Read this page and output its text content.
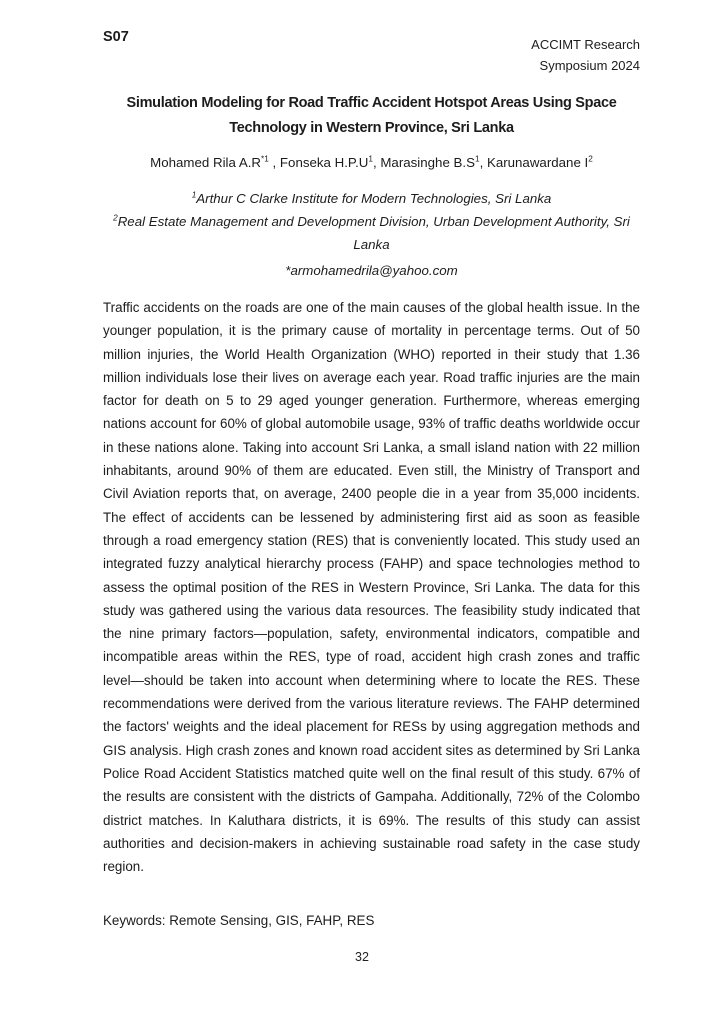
S07	ACCIMT Research
Symposium 2024
Simulation Modeling for Road Traffic Accident Hotspot Areas Using Space Technology in Western Province, Sri Lanka

Mohamed Rila $A.R^{*1}$ , Fonseka $H.P.U^1$, Marasinghe $B.S^1$, Karunawardane $I^2$

$^1$Arthur C Clarke Institute for Modern Technologies, Sri Lanka
$^2$Real Estate Management and Development Division, Urban Development Authority, Sri Lanka

*armohamedrila@yahoo.com

Traffic accidents on the roads are one of the main causes of the global health issue. In the younger population, it is the primary cause of mortality in percentage terms. Out of 50 million injuries, the World Health Organization (WHO) reported in their study that 1.36 million individuals lose their lives on average each year. Road traffic injuries are the main factor for death on 5 to 29 aged younger generation. Furthermore, whereas emerging nations account for 60% of global automobile usage, 93% of traffic deaths worldwide occur in these nations alone. Taking into account Sri Lanka, a small island nation with 22 million inhabitants, around 90% of them are educated. Even still, the Ministry of Transport and Civil Aviation reports that, on average, 2400 people die in a year from 35,000 incidents. The effect of accidents can be lessened by administering first aid as soon as feasible through a road emergency station (RES) that is conveniently located. This study used an integrated fuzzy analytical hierarchy process (FAHP) and space technologies method to assess the optimal position of the RES in Western Province, Sri Lanka. The data for this study was gathered using the various data resources. The feasibility study indicated that the nine primary factors—population, safety, environmental indicators, compatible and incompatible areas within the RES, type of road, accident high crash zones and traffic level—should be taken into account when determining where to locate the RES. These recommendations were derived from the various literature reviews. The FAHP determined the factors' weights and the ideal placement for RESs by using aggregation methods and GIS analysis. High crash zones and known road accident sites as determined by Sri Lanka Police Road Accident Statistics matched quite well on the final result of this study. 67% of the results are consistent with the districts of Gampaha. Additionally, 72% of the Colombo district matches. In Kaluthara districts, it is 69%. The results of this study can assist authorities and decision-makers in achieving sustainable road safety in the case study region.

Keywords: Remote Sensing, GIS, FAHP, RES

32
